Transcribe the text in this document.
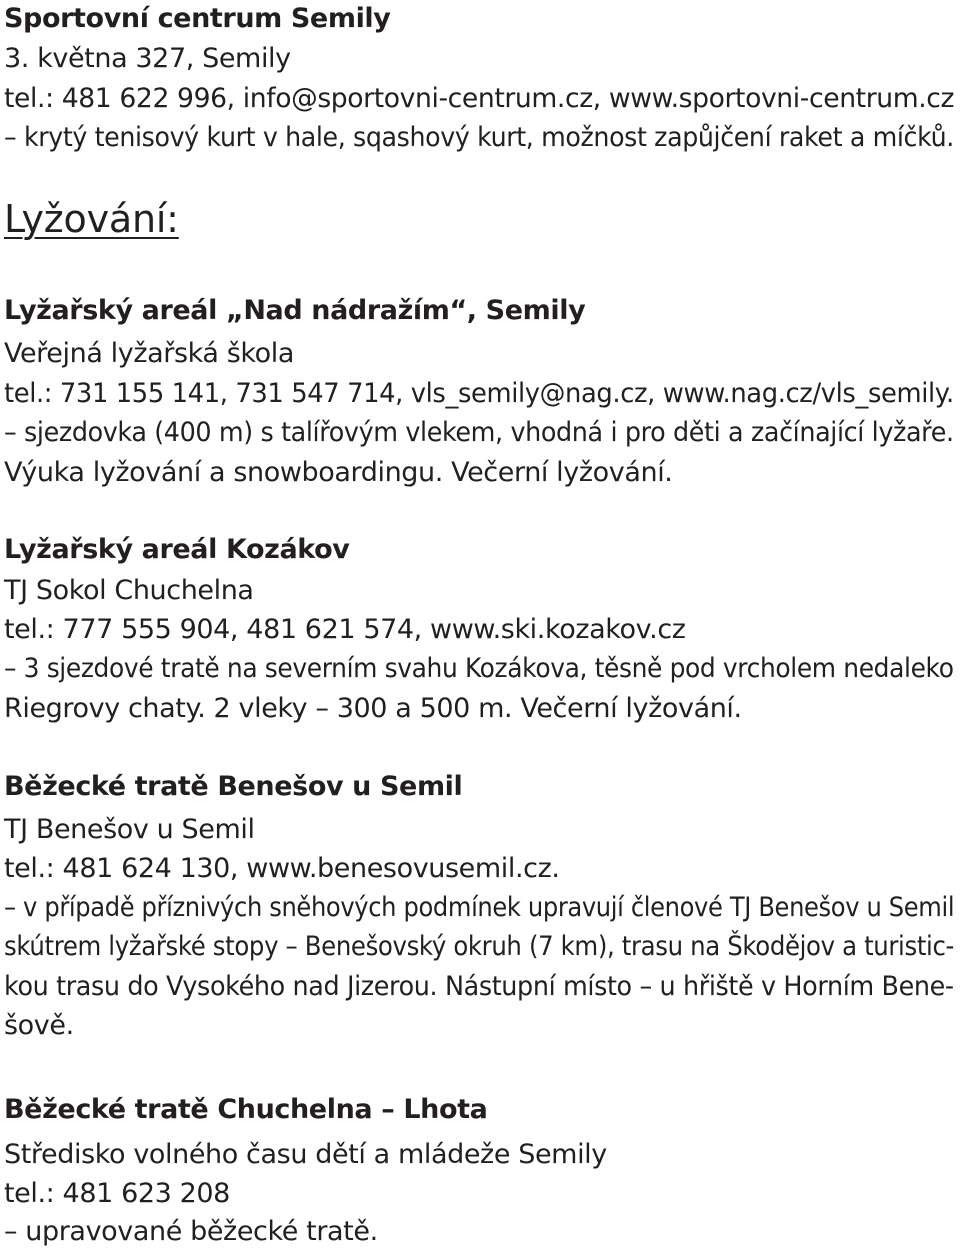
Sportovní centrum Semily
3. května 327, Semily
tel.: 481 622 996, info@sportovni-centrum.cz, www.sportovni-centrum.cz
– krytý tenisový kurt v hale, sqashový kurt, možnost zapůjčení raket a míčků.
Lyžování:
Lyžařský areál „Nad nádražím“, Semily
Veřejná lyžařská škola
tel.: 731 155 141, 731 547 714, vls_semily@nag.cz, www.nag.cz/vls_semily.
– sjezdovka (400 m) s talířovým vlekem, vhodná i pro děti a začínající lyžaře.
Výuka lyžování a snowboardingu. Večerní lyžování.
Lyžařský areál Kozákov
TJ Sokol Chuchelna
tel.: 777 555 904, 481 621 574, www.ski.kozakov.cz
– 3 sjezdové tratě na severním svahu Kozákova, těsně pod vrcholem nedaleko
Riegrovy chaty. 2 vleky – 300 a 500 m. Večerní lyžování.
Běžecké tratě Benešov u Semil
TJ Benešov u Semil
tel.: 481 624 130, www.benesovusemil.cz.
– v případě příznivých sněhových podmínek upravují členové TJ Benešov u Semil
skútrem lyžařské stopy – Benešovský okruh (7 km), trasu na Škodějov a turistic-
kou trasu do Vysokého nad Jizerou. Nástupní místo – u hřiště v Horním Bene-
šově.
Běžecké tratě Chuchelna – Lhota
Středisko volného času dětí a mládeže Semily
tel.: 481 623 208
– upravované běžecké tratě.
